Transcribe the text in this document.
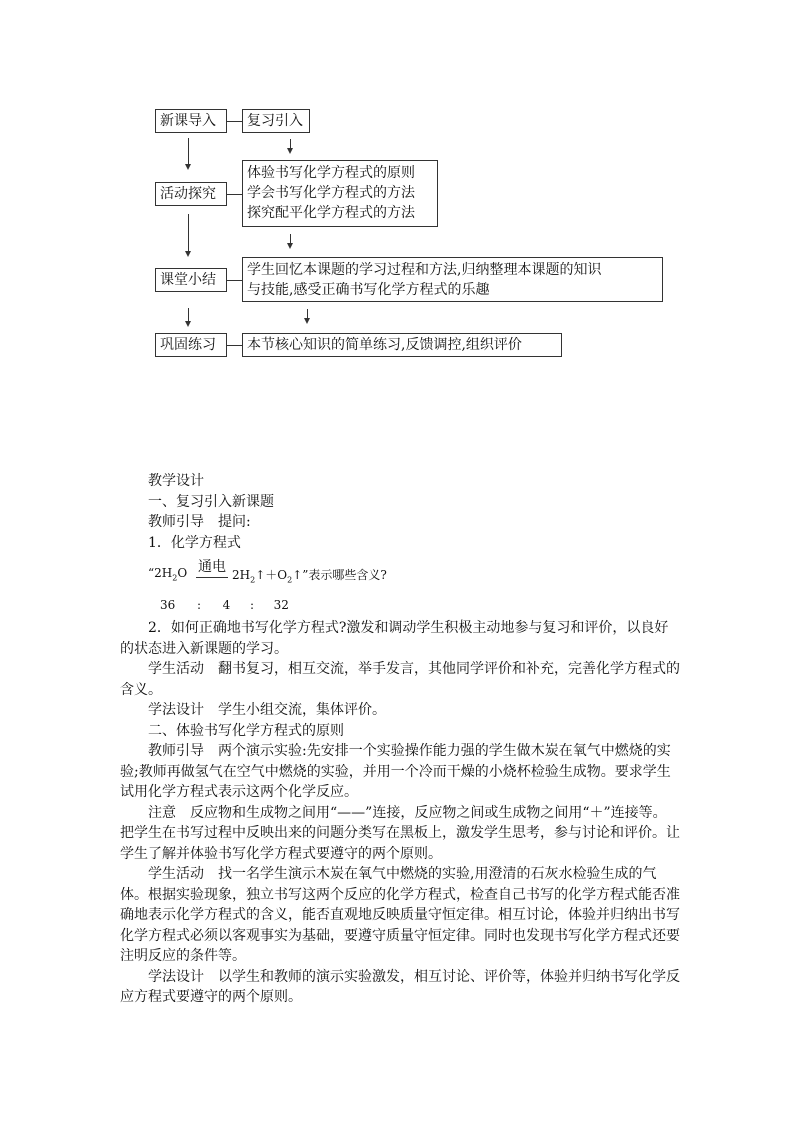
新课导入
活动探究
课堂小结
巩固练习
复习引入
体验书写化学方程式的原则
学会书写化学方程式的方法
探究配平化学方程式的方法
学生回忆本课题的学习过程和方法,归纳整理本课题的知识
与技能,感受正确书写化学方程式的乐趣
本节核心知识的简单练习,反馈调控,组织评价

教学设计

一、复习引入新课题

教师引导　提问:

1．化学方程式

“$2H_2O$ 通电 $2H_2↑+O_2↑$”表示哪些含义?
36 : 4 : 32

2．如何正确地书写化学方程式?激发和调动学生积极主动地参与复习和评价，以良好的状态进入新课题的学习。

学生活动　翻书复习，相互交流，举手发言，其他同学评价和补充，完善化学方程式的含义。

学法设计　学生小组交流，集体评价。

二、体验书写化学方程式的原则

教师引导　两个演示实验:先安排一个实验操作能力强的学生做木炭在氧气中燃烧的实验;教师再做氢气在空气中燃烧的实验，并用一个冷而干燥的小烧杯检验生成物。要求学生试用化学方程式表示这两个化学反应。

注意　反应物和生成物之间用“——”连接，反应物之间或生成物之间用“＋”连接等。把学生在书写过程中反映出来的问题分类写在黑板上，激发学生思考，参与讨论和评价。让学生了解并体验书写化学方程式要遵守的两个原则。

学生活动　找一名学生演示木炭在氧气中燃烧的实验,用澄清的石灰水检验生成的气体。根据实验现象，独立书写这两个反应的化学方程式，检查自己书写的化学方程式能否准确地表示化学方程式的含义，能否直观地反映质量守恒定律。相互讨论，体验并归纳出书写化学方程式必须以客观事实为基础，要遵守质量守恒定律。同时也发现书写化学方程式还要注明反应的条件等。

学法设计　以学生和教师的演示实验激发，相互讨论、评价等，体验并归纳书写化学反应方程式要遵守的两个原则。
